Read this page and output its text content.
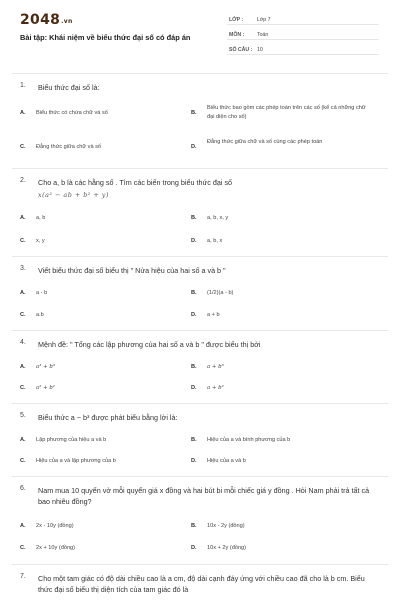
2048.vn
Bài tập: Khái niệm về biểu thức đại số có đáp án
LỚP :	Lớp 7
MÔN : Toán
SỐ CÂU : 10
1. Biểu thức đại số là:
A. Biểu thức có chứa chữ và số	B.
Biểu thức bao gồm các phép toán trên các số (kể cả những chữ đại diện cho số)
C. Đẳng thức giữa chữ và số	D.
Đẳng thức giữa chữ và số cùng các phép toán
2. Cho a, b là các hằng số . Tìm các biến trong biểu thức đại số
x(a² − ab + b² + y)
A. a, b	B. a, b, x, y
C. x, y	D. a, b, x
3. Viết biểu thức đại số biểu thị " Nửa hiệu của hai số a và b "
A. a - b	B. (1/2)(a - b)
C. a.b	D. a + b
4. Mệnh đề: " Tổng các lập phương của hai số a và b " được biểu thị bởi
A. a³ + b³	B. a + b³
C. a² + b²	D. a + b²
5. Biểu thức a − b³ được phát biểu bằng lời là:
A. Lập phương của hiệu a và b	B. Hiệu của a và bình phương của b
C. Hiệu của a và lập phương của b	D. Hiệu của a và b
6. Nam mua 10 quyển vở mỗi quyển giá x đồng và hai bút bi mỗi chiếc giá y đồng . Hỏi Nam phải trả tất cả bao nhiêu đồng?
A. 2x - 10y (đồng)	B. 10x - 2y (đồng)
C. 2x + 10y (đồng)	D. 10x + 2y (đồng)
7. Cho một tam giác có độ dài chiều cao là a cm, độ dài cạnh đáy ứng với chiều cao đã cho là b cm. Biểu thức đại số biểu thị diện tích của tam giác đó là
